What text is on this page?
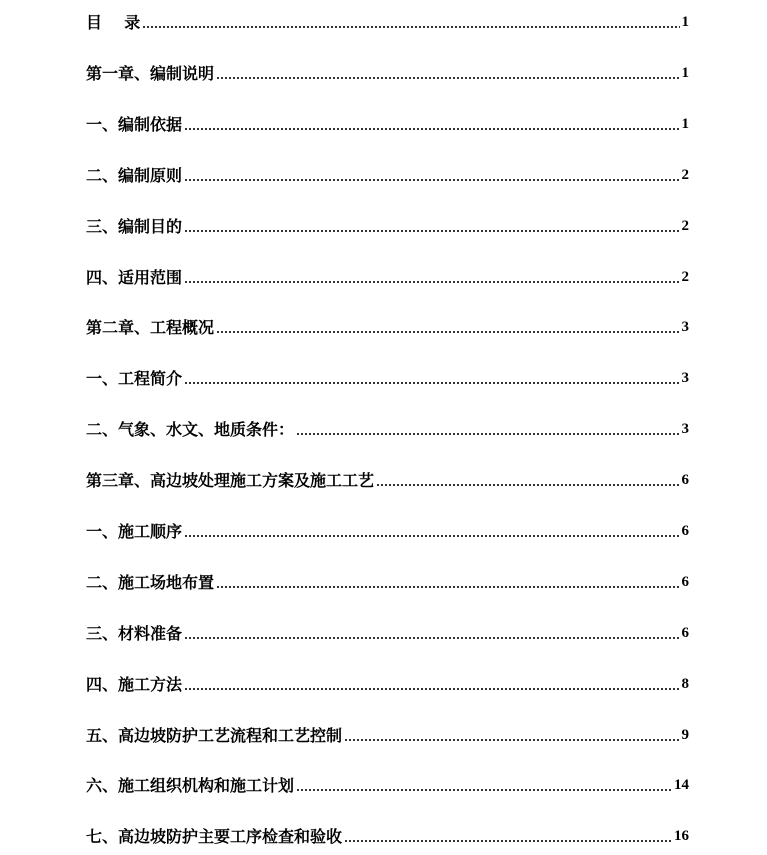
目    录	1
第一章、编制说明	1
一、编制依据	1
二、编制原则	2
三、编制目的	2
四、适用范围	2
第二章、工程概况	3
一、工程简介	3
二、气象、水文、地质条件：	3
第三章、高边坡处理施工方案及施工工艺	6
一、施工顺序	6
二、施工场地布置	6
三、材料准备	6
四、施工方法	8
五、高边坡防护工艺流程和工艺控制	9
六、施工组织机构和施工计划	14
七、高边坡防护主要工序检查和验收	16
